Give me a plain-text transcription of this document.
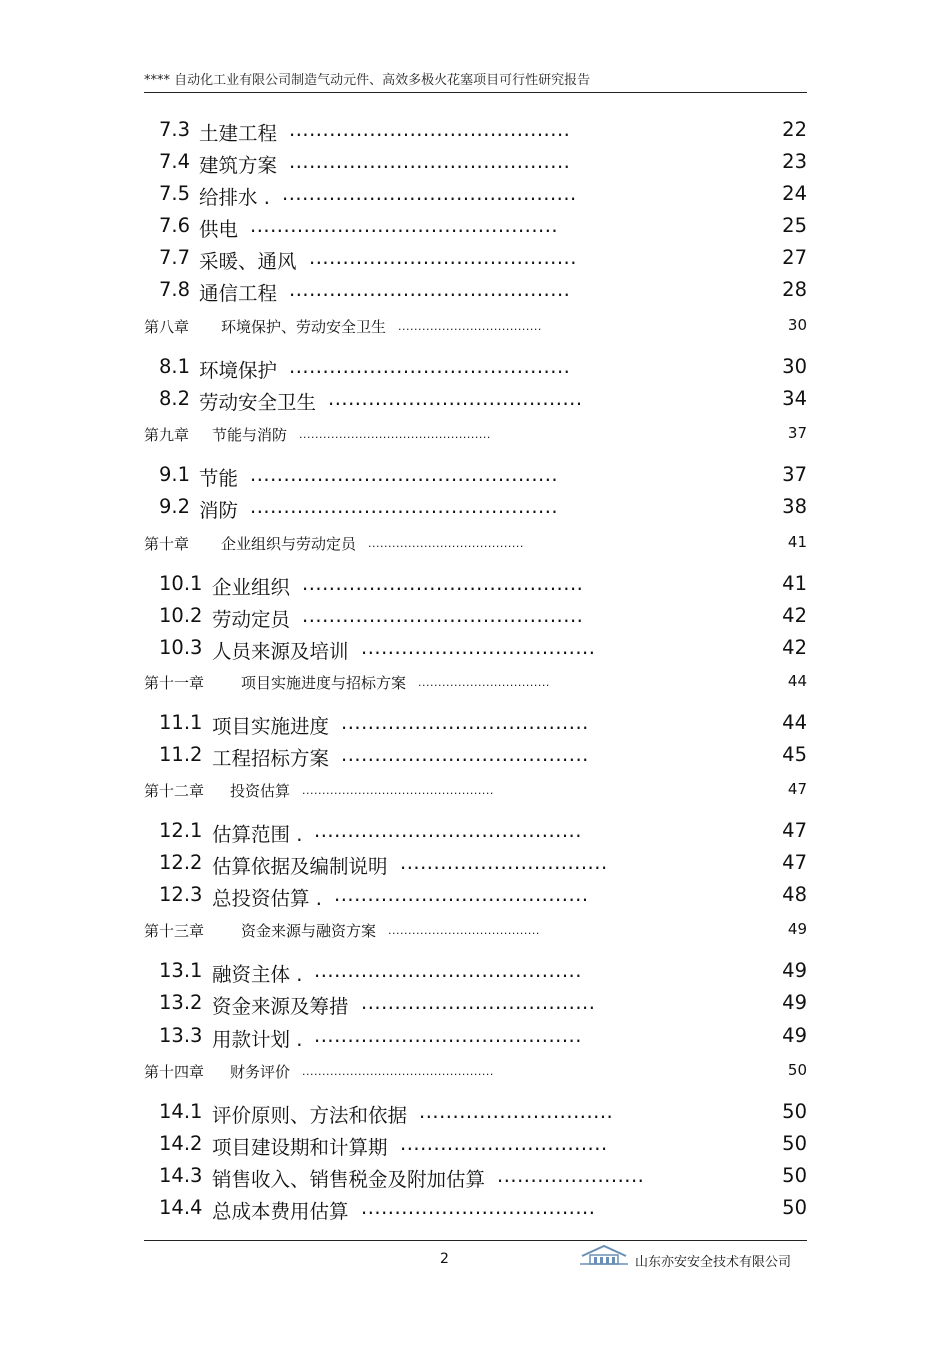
**** 自动化工业有限公司制造气动元件、高效多极火花塞项目可行性研究报告
7.3 土建工程 ..........................................	22
7.4 建筑方案 ..........................................	23
7.5 给排水 . ............................................	24
7.6 供电 ..............................................	25
7.7 采暖、通风 ........................................	27
7.8 通信工程 ..........................................	28
第八章 环境保护、劳动安全卫生 ....................................	30
8.1 环境保护 ..........................................	30
8.2 劳动安全卫生 ......................................	34
第九章 节能与消防 ................................................	37
9.1 节能 ..............................................	37
9.2 消防 ..............................................	38
第十章 企业组织与劳动定员 .......................................	41
10.1 企业组织 ..........................................	41
10.2 劳动定员 ..........................................	42
10.3 人员来源及培训 ...................................	42
第十一章 项目实施进度与招标方案 .................................	44
11.1 项目实施进度 .....................................	44
11.2 工程招标方案 .....................................	45
第十二章 投资估算 ................................................	47
12.1 估算范围 . ........................................	47
12.2 估算依据及编制说明 ...............................	47
12.3 总投资估算 . ......................................	48
第十三章 资金来源与融资方案 ......................................	49
13.1 融资主体 . ........................................	49
13.2 资金来源及筹措 ...................................	49
13.3 用款计划 . ........................................	49
第十四章 财务评价 ................................................	50
14.1 评价原则、方法和依据 .............................	50
14.2 项目建设期和计算期 ...............................	50
14.3 销售收入、销售税金及附加估算 ......................	50
14.4 总成本费用估算 ...................................	50
2	山东亦安安全技术有限公司
